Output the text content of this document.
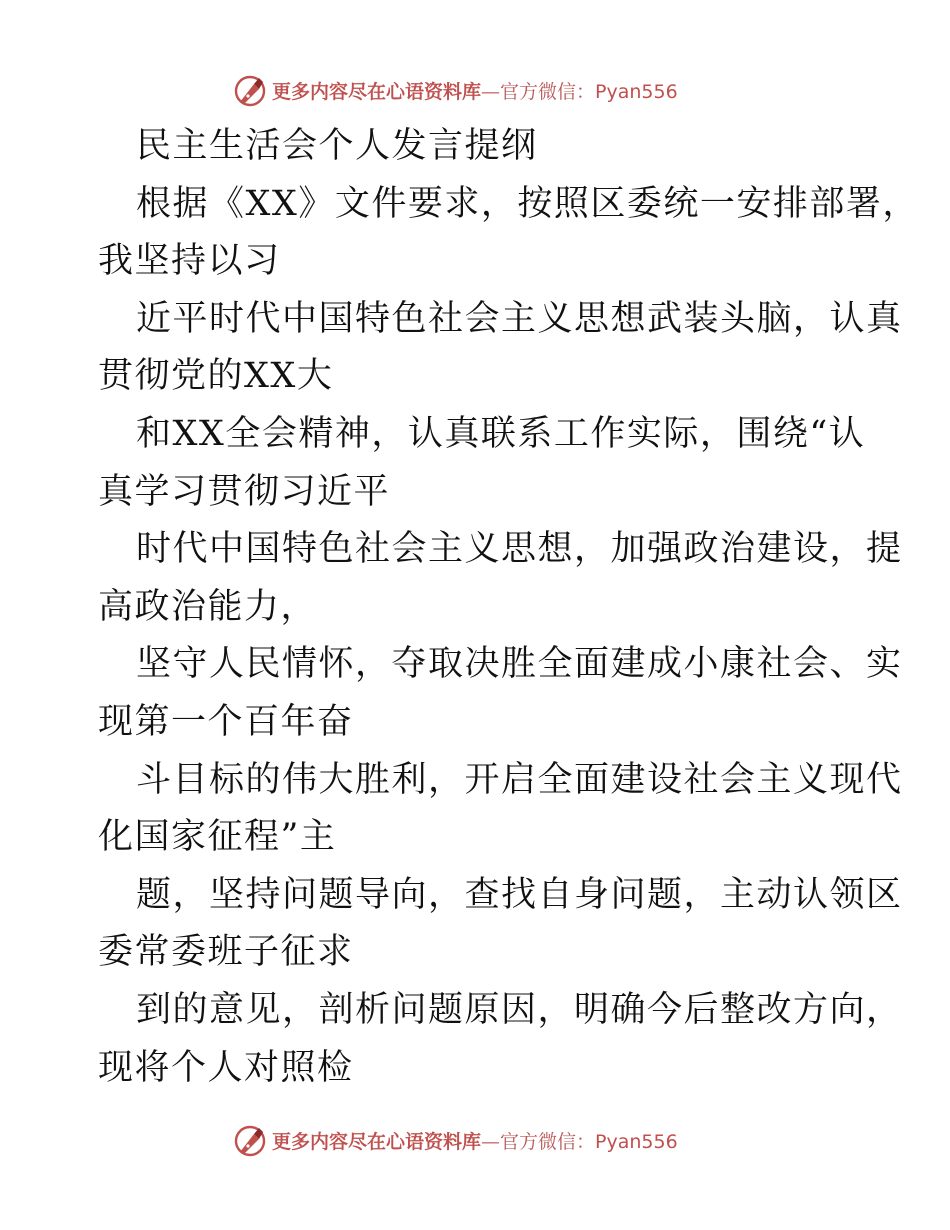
更多内容尽在心语资料库—官方微信：Pyan556
民主生活会个人发言提纲
根据《XX》文件要求，按照区委统一安排部署，
我坚持以习
近平时代中国特色社会主义思想武装头脑，认真
贯彻党的XX大
和XX全会精神，认真联系工作实际，围绕“认
真学习贯彻习近平
时代中国特色社会主义思想，加强政治建设，提
高政治能力，
坚守人民情怀，夺取决胜全面建成小康社会、实
现第一个百年奋
斗目标的伟大胜利，开启全面建设社会主义现代
化国家征程”主
题，坚持问题导向，查找自身问题，主动认领区
委常委班子征求
到的意见，剖析问题原因，明确今后整改方向，
现将个人对照检
更多内容尽在心语资料库—官方微信：Pyan556
